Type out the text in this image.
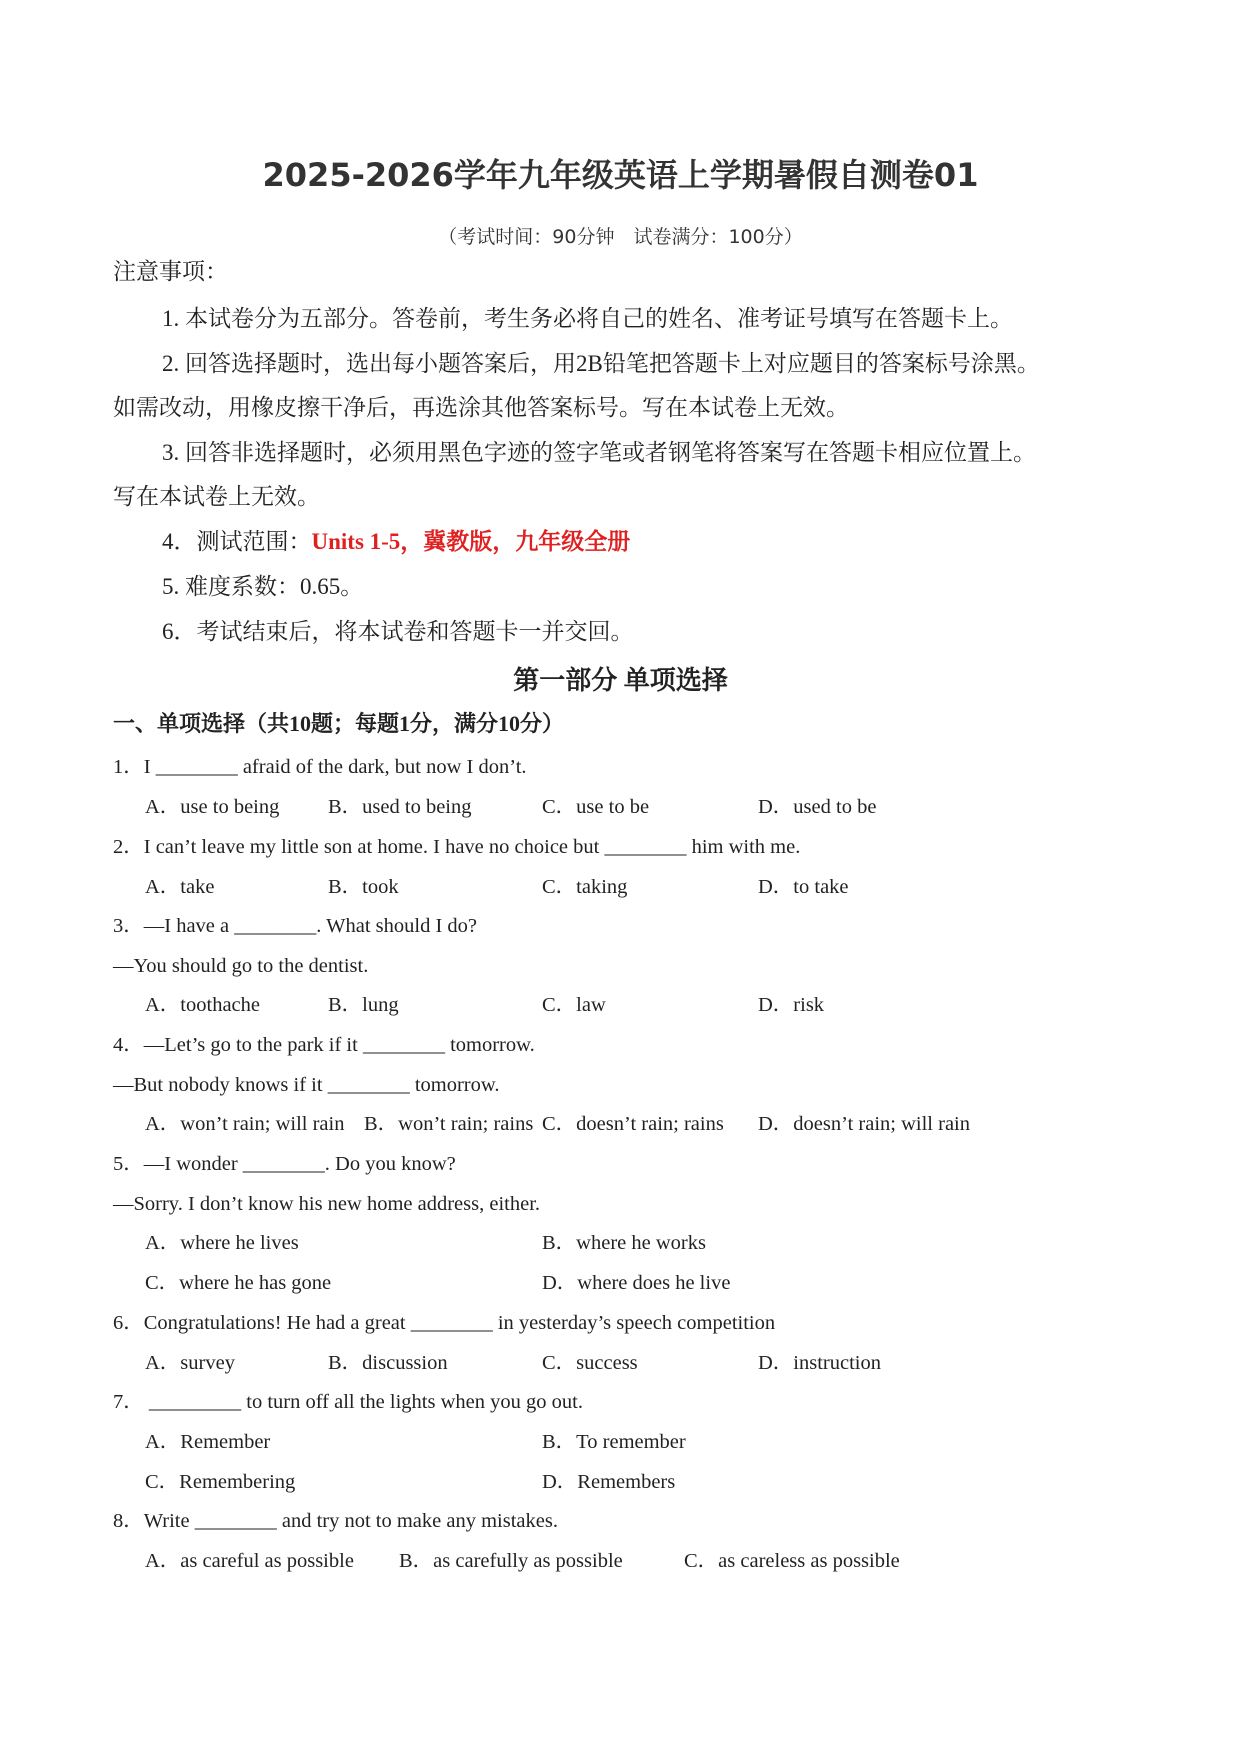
2025-2026学年九年级英语上学期暑假自测卷01
（考试时间：90分钟　试卷满分：100分）
注意事项：
1. 本试卷分为五部分。答卷前，考生务必将自己的姓名、准考证号填写在答题卡上。
2. 回答选择题时，选出每小题答案后，用2B铅笔把答题卡上对应题目的答案标号涂黑。
如需改动，用橡皮擦干净后，再选涂其他答案标号。写在本试卷上无效。
3. 回答非选择题时，必须用黑色字迹的签字笔或者钢笔将答案写在答题卡相应位置上。
写在本试卷上无效。
4．测试范围：Units 1-5，冀教版，九年级全册
5. 难度系数：0.65。
6．考试结束后，将本试卷和答题卡一并交回。
第一部分 单项选择
一、单项选择（共10题；每题1分，满分10分）
1．I ________ afraid of the dark, but now I don’t.
A．use to being B．used to being	C．use to be	D．used to be
2．I can’t leave my little son at home. I have no choice but ________ him with me.
A．take	B．took	C．taking	D．to take
3．—I have a ________. What should I do?
—You should go to the dentist.
A．toothache	B．lung	C．law	D．risk
4．—Let’s go to the park if it ________ tomorrow.
—But nobody knows if it ________ tomorrow.
A．won’t rain; will rain B．won’t rain; rains C．doesn’t rain; rains D．doesn’t rain; will rain
5．—I wonder ________. Do you know?
—Sorry. I don’t know his new home address, either.
A．where he lives	B．where he works
C．where he has gone	D．where does he live
6．Congratulations! He had a great ________ in yesterday’s speech competition
A．survey	B．discussion	C．success	D．instruction
7． _________ to turn off all the lights when you go out.
A．Remember	B．To remember
C．Remembering	D．Remembers
8．Write ________ and try not to make any mistakes.
A．as careful as possible B．as carefully as possible	C．as careless as possible
